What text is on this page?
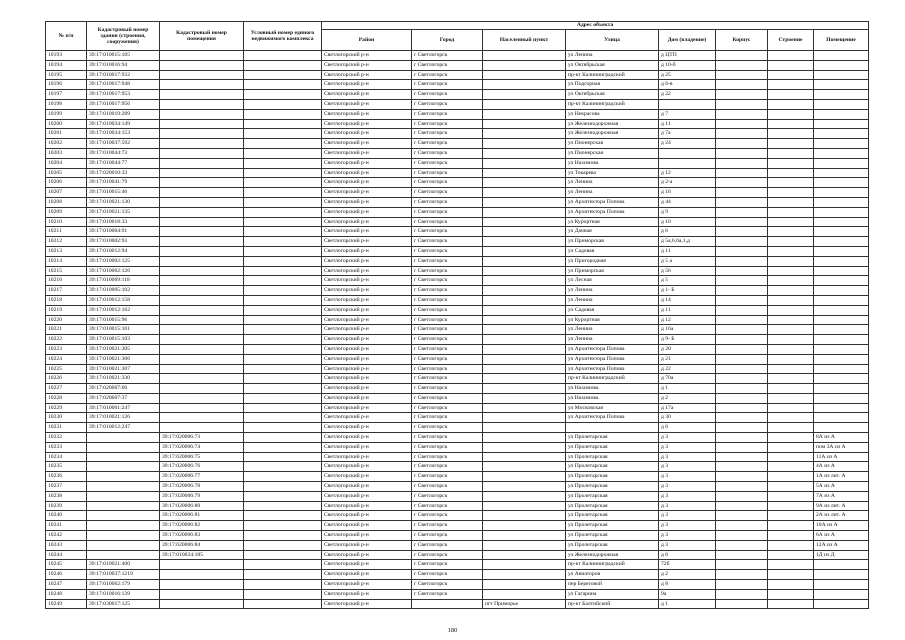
№ п/п	Кадастровый номер здания (строения, сооружения)	Кадастровый номер помещения	Условный номер единого недвижимого комплекса	Адрес объекта							
				Район	Город	Населенный пункт	Улица	Дом (владение)	Корпус	Строение	Помещение
10193	39:17:010015:105			Светлогорский р-н	г Светлогорск		ул Ленина	д ЦТП			
10194	39:17:010016:94			Светлогорский р-н	г Светлогорск		ул Октябрьская	д 10-б			
10195	39:17:010017:932			Светлогорский р-н	г Светлогорск		пр-кт Калининградский	д 25			
10196	39:17:010017:948			Светлогорский р-н	г Светлогорск		ул Подгорная	д 6-в			
10197	39:17:010017:953			Светлогорский р-н	г Светлогорск		ул Октябрьская	д 22			
10198	39:17:010017:956			Светлогорский р-н	г Светлогорск		пр-кт Калининградский				
10199	39:17:010019:289			Светлогорский р-н	г Светлогорск		ул Некрасова	д 7			
10200	39:17:010034:149			Светлогорский р-н	г Светлогорск		ул Железнодорожная	д 11			
10201	39:17:010034:153			Светлогорский р-н	г Светлогорск		ул Железнодорожная	д 7а			
10202	39:17:010037:592			Светлогорский р-н	г Светлогорск		ул Пионерская	д 24			
10203	39:17:010044:73			Светлогорский р-н	г Светлогорск		ул Пионерская				
10204	39:17:010044:77			Светлогорский р-н	г Светлогорск		ул Нахимова				
10205	39:17:020010:33			Светлогорский р-н	г Светлогорск		ул Токарева	д 12			
10206	39:17:010041:79			Светлогорский р-н	г Светлогорск		ул Ленина	д 2-а			
10207	39:17:010015:46			Светлогорский р-н	г Светлогорск		ул Ленина	д 16			
10208	39:17:010021:130			Светлогорский р-н	г Светлогорск		ул Архитектора Попова	д 44			
10209	39:17:010021:135			Светлогорский р-н	г Светлогорск		ул Архитектора Попова	д 9			
10210	39:17:010018:33			Светлогорский р-н	г Светлогорск		ул Курортная	д 10			
10211	39:17:010004:91			Светлогорский р-н	г Светлогорск		ул Дачная	д 6			
10212	39:17:010002:93			Светлогорский р-н	г Светлогорск		ул Приморская	д 5а,6,6а,1,д			
10213	39:17:010012:94			Светлогорский р-н	г Светлогорск		ул Садовая	д 11			
10214	39:17:010002:125			Светлогорский р-н	г Светлогорск		ул Пригородная	д 5 а			
10215	39:17:010002:126			Светлогорский р-н	г Светлогорск		ул Приморская	д 56			
10216	39:17:010069:118			Светлогорский р-н	г Светлогорск		ул Лесная	д 5			
10217	39:17:010005:102			Светлогорский р-н	г Светлогорск		ул Ленина	д 1- Б			
10218	39:17:010012:158			Светлогорский р-н	г Светлогорск		ул Ленина	д 14			
10219	39:17:010012:162			Светлогорский р-н	г Светлогорск		ул Садовая	д 11			
10220	39:17:010015:96			Светлогорский р-н	г Светлогорск		ул Курортная	д 12			
10221	39:17:010015:101			Светлогорский р-н	г Светлогорск		ул Ленина	д 16а			
10222	39:17:010015:103			Светлогорский р-н	г Светлогорск		ул Ленина	д 9- Б			
10223	39:17:010021:305			Светлогорский р-н	г Светлогорск		ул Архитектора Попова	д 20			
10224	39:17:010021:306			Светлогорский р-н	г Светлогорск		ул Архитектора Попова	д 21			
10225	39:17:010021:307			Светлогорский р-н	г Светлогорск		ул Архитектора Попова	д 22			
10226	39:17:010021:330			Светлогорский р-н	г Светлогорск		пр-кт Калининградский	д 70а			
10227	39:17:020007:66			Светлогорский р-н	г Светлогорск		ул Нахимова	д 1			
10228	39:17:020007:37			Светлогорский р-н	г Светлогорск		ул Нахимова	д 2			
10229	39:17:010001:247			Светлогорский р-н	г Светлогорск		ул Московская	д 17а			
10230	39:17:010021:126			Светлогорский р-н	г Светлогорск		ул Архитектора Попова	д 30			
10231	39:17:010012:247			Светлогорский р-н	г Светлогорск			д 6			
10232		39:17:020006:73		Светлогорский р-н	г Светлогорск		ул Пролетарская	д 3			8А из А
10233		39:17:020006:74		Светлогорский р-н	г Светлогорск		ул Пролетарская	д 3			пом 3А из А
10234		39:17:020006:75		Светлогорский р-н	г Светлогорск		ул Пролетарская	д 3			11А из А
10235		39:17:020006:76		Светлогорский р-н	г Светлогорск		ул Пролетарская	д 3			4А из А
10236		39:17:020006:77		Светлогорский р-н	г Светлогорск		ул Пролетарская	д 3			1А из лит. А
10237		39:17:020006:78		Светлогорский р-н	г Светлогорск		ул Пролетарская	д 3			5А из А
10238		39:17:020006:79		Светлогорский р-н	г Светлогорск		ул Пролетарская	д 3			7А из А
10239		39:17:020006:80		Светлогорский р-н	г Светлогорск		ул Пролетарская	д 3			9А из лит. А
10240		39:17:020006:81		Светлогорский р-н	г Светлогорск		ул Пролетарская	д 3			2А из лит. А
10241		39:17:020006:82		Светлогорский р-н	г Светлогорск		ул Пролетарская	д 3			10А из А
10242		39:17:020006:83		Светлогорский р-н	г Светлогорск		ул Пролетарская	д 3			6А из А
10243		39:17:020006:84		Светлогорский р-н	г Светлогорск		ул Пролетарская	д 3			12А из А
10244		39:17:010034:185		Светлогорский р-н	г Светлогорск		ул Железнодорожная	д 6			1Д из Д
10245	39:17:010021:400			Светлогорский р-н	г Светлогорск		пр-кт Калининградский	72б			
10246	39:17:010037:1219			Светлогорский р-н	г Светлогорск		ул Авиаторов	д 2			
10247	39:17:010062:179			Светлогорский р-н	г Светлогорск		пер Береговой	д 8			
10248	39:17:010016:139			Светлогорский р-н	г Светлогорск		ул Гагарина	9а			
10249	39:17:030017:125			Светлогорский р-н		пгт Приморье	пр-кт Балтийский	д 1			
180
